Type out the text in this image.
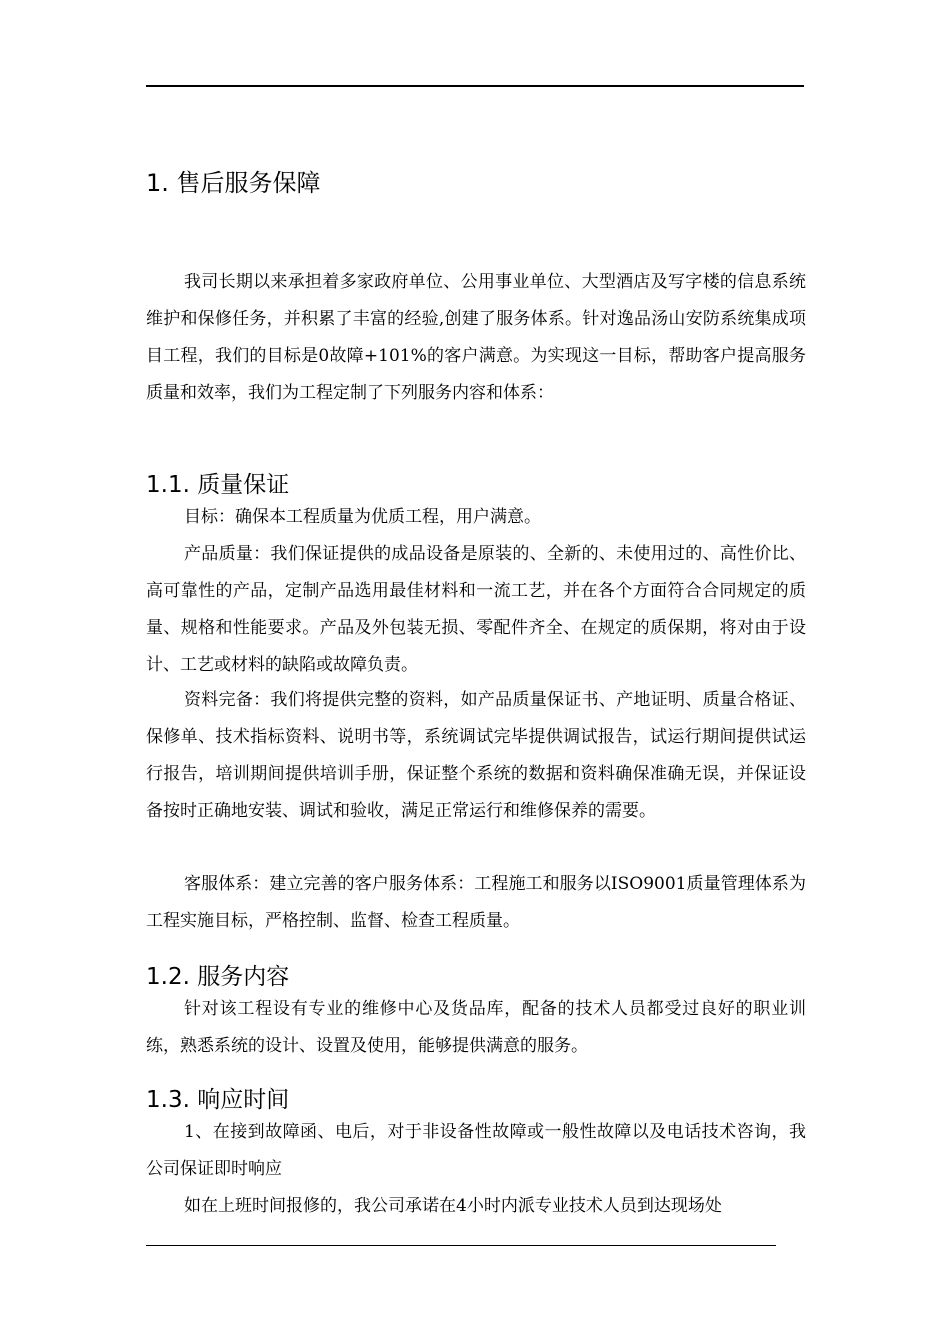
1. 售后服务保障
我司长期以来承担着多家政府单位、公用事业单位、大型酒店及写字楼的信息系统维护和保修任务，并积累了丰富的经验,创建了服务体系。针对逸品汤山安防系统集成项目工程，我们的目标是0故障+101%的客户满意。为实现这一目标，帮助客户提高服务质量和效率，我们为工程定制了下列服务内容和体系：
1.1. 质量保证
目标：确保本工程质量为优质工程，用户满意。
产品质量：我们保证提供的成品设备是原装的、全新的、未使用过的、高性价比、高可靠性的产品，定制产品选用最佳材料和一流工艺，并在各个方面符合合同规定的质量、规格和性能要求。产品及外包装无损、零配件齐全、在规定的质保期，将对由于设计、工艺或材料的缺陷或故障负责。
资料完备：我们将提供完整的资料，如产品质量保证书、产地证明、质量合格证、保修单、技术指标资料、说明书等，系统调试完毕提供调试报告，试运行期间提供试运行报告，培训期间提供培训手册，保证整个系统的数据和资料确保准确无误，并保证设备按时正确地安装、调试和验收，满足正常运行和维修保养的需要。
客服体系：建立完善的客户服务体系：工程施工和服务以ISO9001质量管理体系为工程实施目标，严格控制、监督、检查工程质量。
1.2. 服务内容
针对该工程设有专业的维修中心及货品库，配备的技术人员都受过良好的职业训练，熟悉系统的设计、设置及使用，能够提供满意的服务。
1.3. 响应时间
1、在接到故障函、电后，对于非设备性故障或一般性故障以及电话技术咨询，我公司保证即时响应
如在上班时间报修的，我公司承诺在4小时内派专业技术人员到达现场处
